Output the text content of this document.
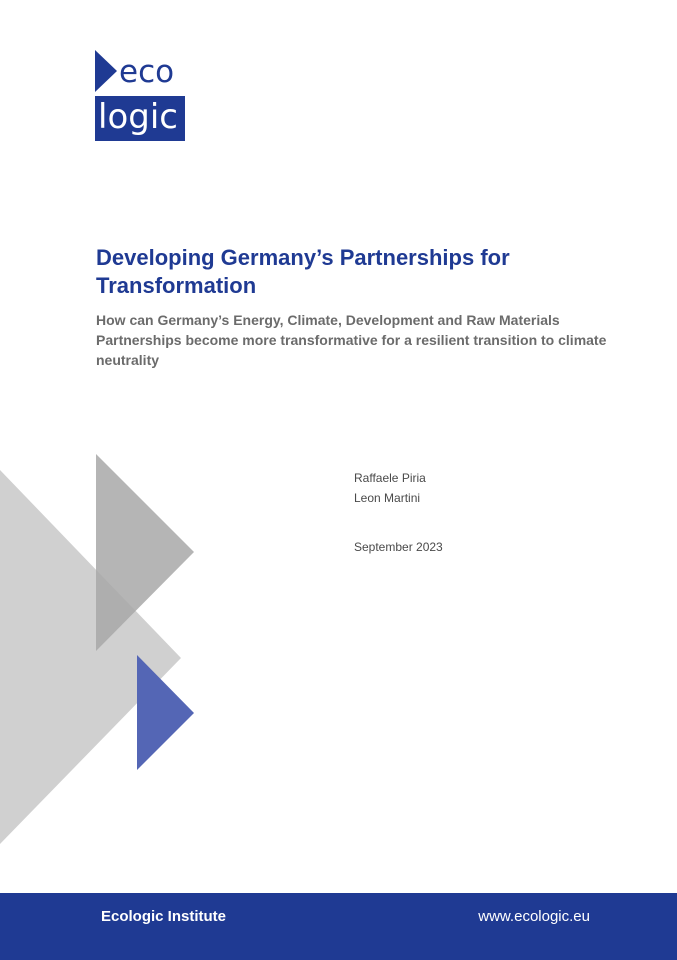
eco
logic
Developing Germany’s Partnerships for Transformation

How can Germany’s Energy, Climate, Development and Raw Materials Partnerships become more transformative for a resilient transition to climate neutrality

Raffaele Piria
Leon Martini
September 2023
Ecologic Institute	www.ecologic.eu
